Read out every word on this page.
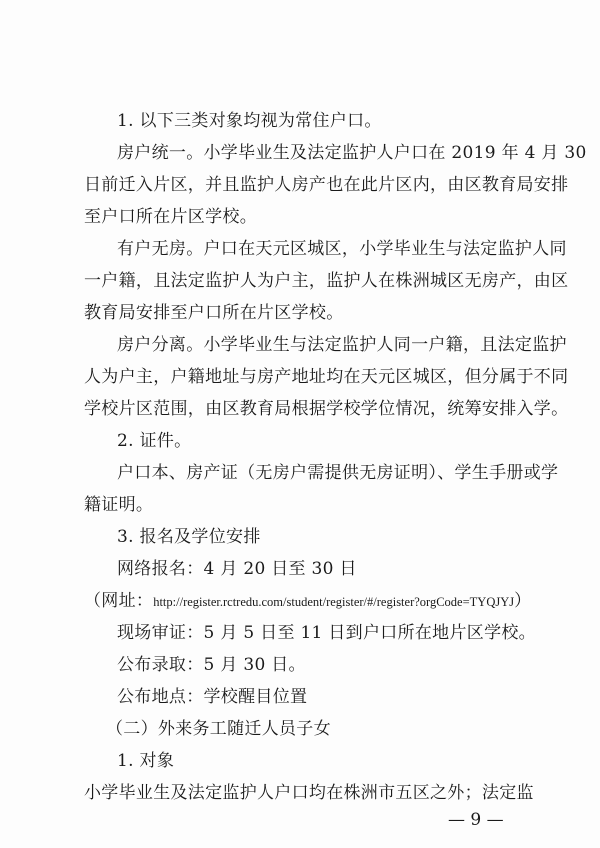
1. 以下三类对象均视为常住户口。
房户统一。小学毕业生及法定监护人户口在 2019 年 4 月 30
日前迁入片区，并且监护人房产也在此片区内，由区教育局安排
至户口所在片区学校。
有户无房。户口在天元区城区，小学毕业生与法定监护人同
一户籍，且法定监护人为户主，监护人在株洲城区无房产，由区
教育局安排至户口所在片区学校。
房户分离。小学毕业生与法定监护人同一户籍，且法定监护
人为户主，户籍地址与房产地址均在天元区城区，但分属于不同
学校片区范围，由区教育局根据学校学位情况，统筹安排入学。
2. 证件。
户口本、房产证（无房户需提供无房证明）、学生手册或学
籍证明。
3. 报名及学位安排
网络报名：4 月 20 日至 30 日
（网址：http://register.rctredu.com/student/register/#/register?orgCode=TYQJYJ）
现场审证：5 月 5 日至 11 日到户口所在地片区学校。
公布录取：5 月 30 日。
公布地点：学校醒目位置
（二）外来务工随迁人员子女
1. 对象
小学毕业生及法定监护人户口均在株洲市五区之外；法定监
— 9 —
